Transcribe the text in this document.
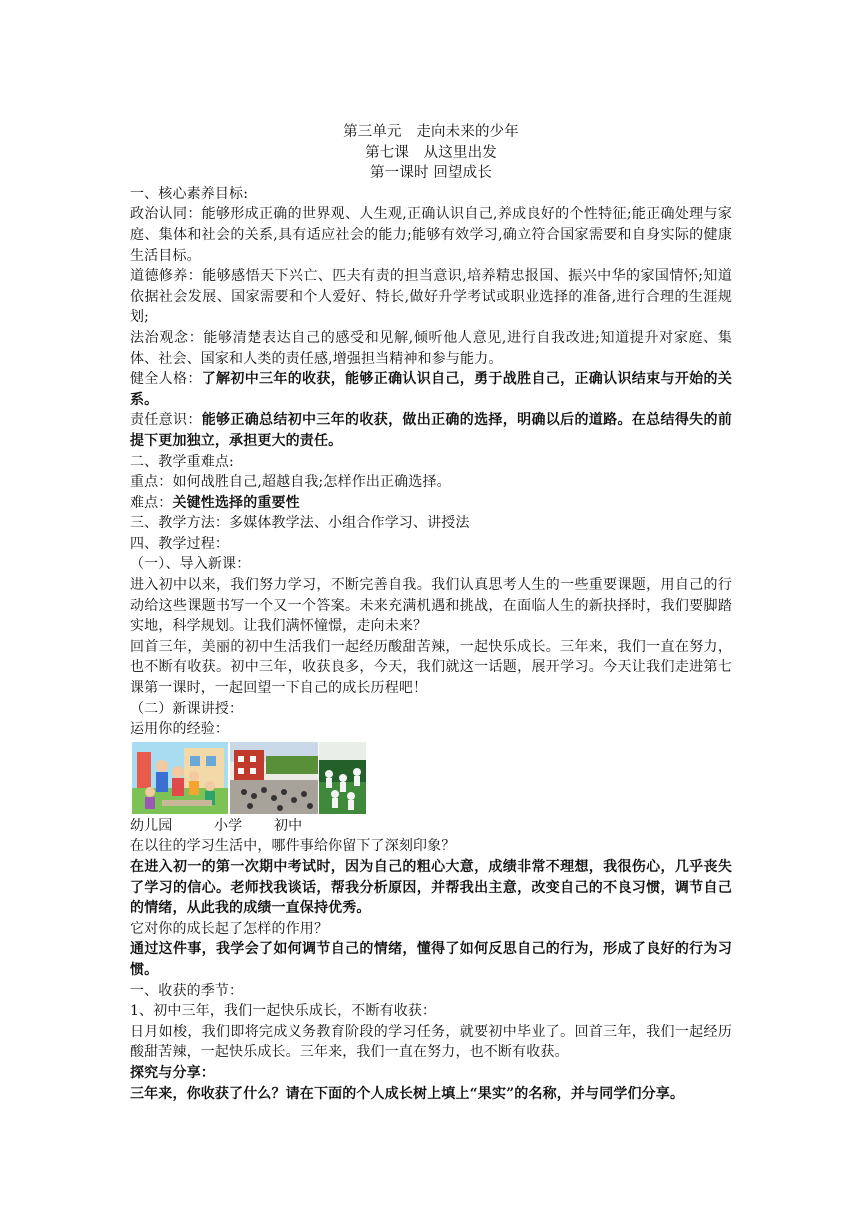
第三单元　走向未来的少年
第七课　从这里出发
第一课时 回望成长
一、核心素养目标:
政治认同：能够形成正确的世界观、人生观,正确认识自己,养成良好的个性特征;能正确处理与家庭、集体和社会的关系,具有适应社会的能力;能够有效学习,确立符合国家需要和自身实际的健康生活目标。
道德修养：能够感悟天下兴亡、匹夫有责的担当意识,培养精忠报国、振兴中华的家国情怀;知道依据社会发展、国家需要和个人爱好、特长,做好升学考试或职业选择的准备,进行合理的生涯规划;
法治观念：能够清楚表达自己的感受和见解,倾听他人意见,进行自我改进;知道提升对家庭、集体、社会、国家和人类的责任感,增强担当精神和参与能力。
健全人格：了解初中三年的收获，能够正确认识自己，勇于战胜自己，正确认识结束与开始的关系。
责任意识：能够正确总结初中三年的收获，做出正确的选择，明确以后的道路。在总结得失的前提下更加独立，承担更大的责任。
二、教学重难点:
重点：如何战胜自己,超越自我;怎样作出正确选择。
难点：关键性选择的重要性
三、教学方法：多媒体教学法、小组合作学习、讲授法
四、教学过程：
（一）、导入新课：
进入初中以来，我们努力学习，不断完善自我。我们认真思考人生的一些重要课题，用自己的行动给这些课题书写一个又一个答案。未来充满机遇和挑战，在面临人生的新抉择时，我们要脚踏实地，科学规划。让我们满怀憧憬，走向未来？
回首三年，美丽的初中生活我们一起经历酸甜苦辣，一起快乐成长。三年来，我们一直在努力，也不断有收获。初中三年，收获良多，今天，我们就这一话题，展开学习。今天让我们走进第七课第一课时，一起回望一下自己的成长历程吧！
（二）新课讲授：
运用你的经验：
幼儿园	小学 初中
在以往的学习生活中，哪件事给你留下了深刻印象？
在进入初一的第一次期中考试时，因为自己的粗心大意，成绩非常不理想，我很伤心，几乎丧失了学习的信心。老师找我谈话，帮我分析原因，并帮我出主意，改变自己的不良习惯，调节自己的情绪，从此我的成绩一直保持优秀。
它对你的成长起了怎样的作用？
通过这件事，我学会了如何调节自己的情绪，懂得了如何反思自己的行为，形成了良好的行为习惯。
一、收获的季节：
1、初中三年，我们一起快乐成长，不断有收获：
日月如梭，我们即将完成义务教育阶段的学习任务，就要初中毕业了。回首三年，我们一起经历酸甜苦辣，一起快乐成长。三年来，我们一直在努力，也不断有收获。
探究与分享：
三年来，你收获了什么？请在下面的个人成长树上填上“果实”的名称，并与同学们分享。
